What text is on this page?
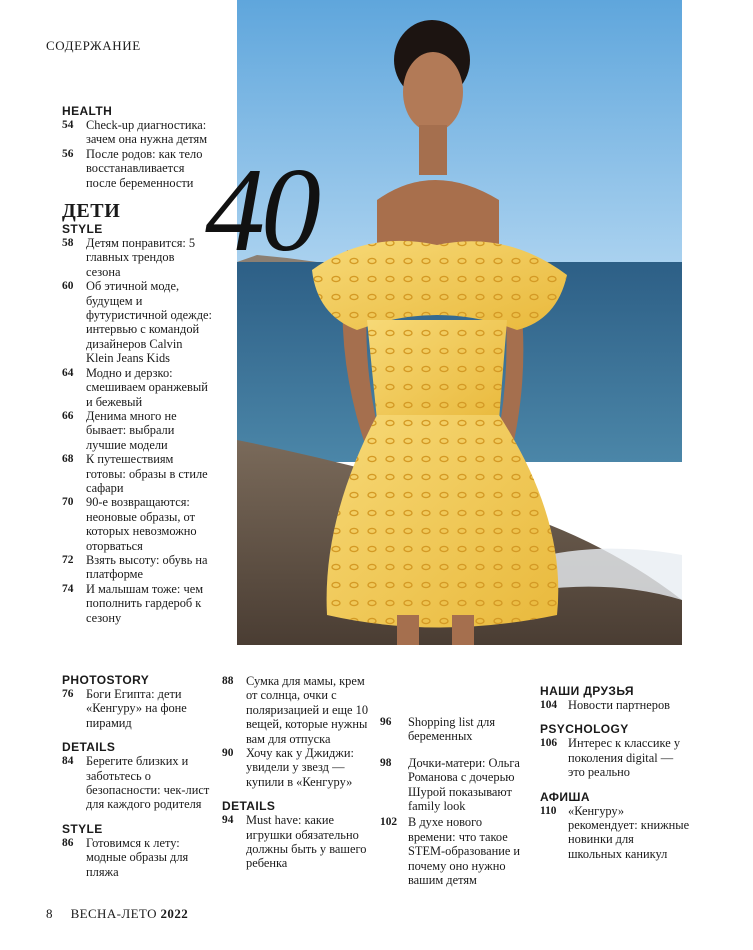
СОДЕРЖАНИЕ
40
HEALTH
54	Check-up диагностика: зачем она нужна детям
56	После родов: как тело восстанавливается после беременности
ДЕТИ
STYLE
58	Детям понравится: 5 главных трендов сезона
60	Об этичной моде, будущем и футуристичной одежде: интервью с командой дизайнеров Calvin Klein Jeans Kids
64	Модно и дерзко: смешиваем оранжевый и бежевый
66	Денима много не бывает: выбрали лучшие модели
68	К путешествиям готовы: образы в стиле сафари
70	90-е возвращаются: неоновые образы, от которых невозможно оторваться
72	Взять высоту: обувь на платформе
74	И малышам тоже: чем пополнить гардероб к сезону
PHOTOSTORY
76	Боги Египта: дети «Кенгуру» на фоне пирамид
DETAILS
84	Берегите близких и заботьтесь о безопасности: чек-лист для каждого родителя
STYLE
86	Готовимся к лету: модные образы для пляжа
88	Сумка для мамы, крем от солнца, очки с поляризацией и еще 10 вещей, которые нужны вам для отпуска
90	Хочу как у Джиджи: увидели у звезд — купили в «Кенгуру»
DETAILS
94	Must have: какие игрушки обязательно должны быть у вашего ребенка
96	Shopping list для беременных
98	Дочки-матери: Ольга Романова с дочерью Шурой показывают family look
102 В духе нового времени: что такое STEM-образование и почему оно нужно вашим детям
НАШИ ДРУЗЬЯ
104 Новости партнеров
PSYCHOLOGY
106 Интерес к классике у поколения digital — это реально
АФИША
110 «Кенгуру» рекомендует: книжные новинки для школьных каникул
8 ВЕСНА-ЛЕТО 2022
